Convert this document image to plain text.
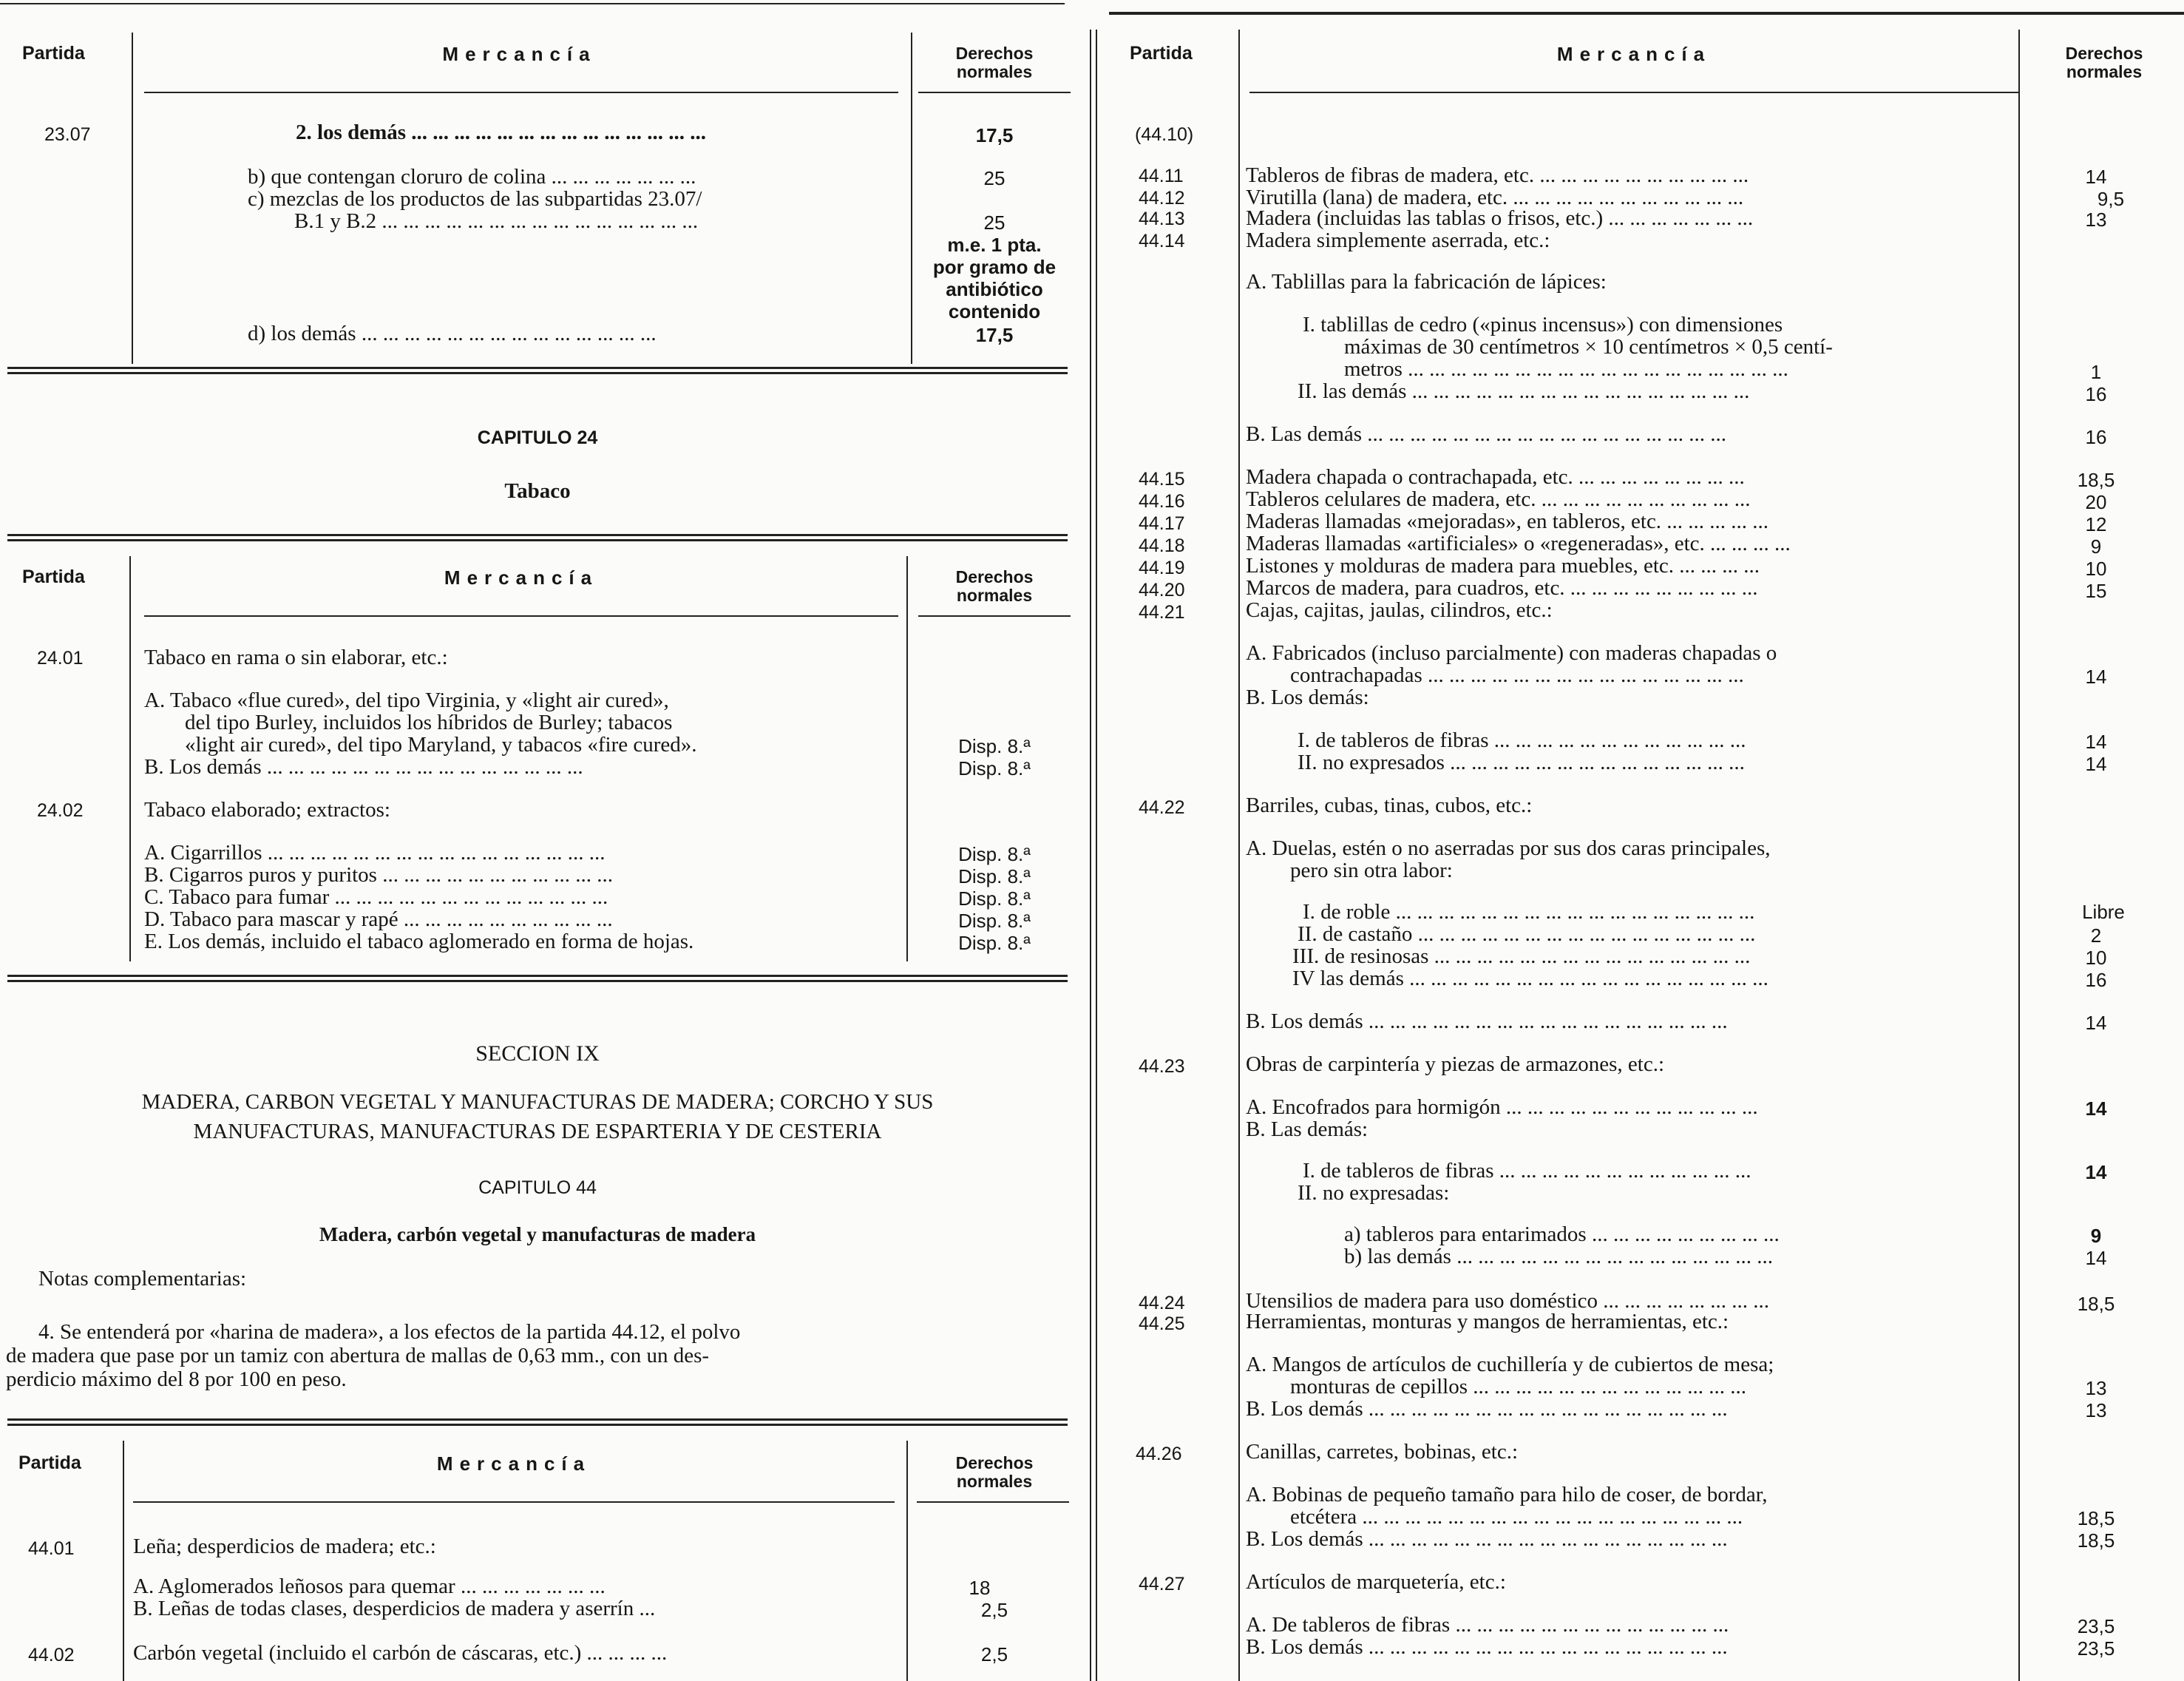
Partida	Mercancía	Derechos
normales
23.07	2. los demás ... ... ... ... ... ... ... ... ... ... ... ... ... ...	17,5
b) que contengan cloruro de colina ... ... ... ... ... ... ...	25
c) mezclas de los productos de las subpartidas 23.07/
B.1 y B.2 ... ... ... ... ... ... ... ... ... ... ... ... ... ... ...	25
m.e. 1 pta.
por gramo de
antibiótico
contenido
d) los demás ... ... ... ... ... ... ... ... ... ... ... ... ... ...	17,5
CAPITULO 24
Tabaco
Partida	Mercancía	Derechos
normales
24.01	Tabaco en rama o sin elaborar, etc.:
A. Tabaco «flue cured», del tipo Virginia, y «light air cured»,
del tipo Burley, incluidos los híbridos de Burley; tabacos
«light air cured», del tipo Maryland, y tabacos «fire cured».	Disp. 8.ª
B. Los demás ... ... ... ... ... ... ... ... ... ... ... ... ... ... ...	Disp. 8.ª
24.02	Tabaco elaborado; extractos:
A. Cigarrillos ... ... ... ... ... ... ... ... ... ... ... ... ... ... ... ...	Disp. 8.ª
B. Cigarros puros y puritos ... ... ... ... ... ... ... ... ... ... ...	Disp. 8.ª
C. Tabaco para fumar ... ... ... ... ... ... ... ... ... ... ... ... ...	Disp. 8.ª
D. Tabaco para mascar y rapé ... ... ... ... ... ... ... ... ... ...	Disp. 8.ª
E. Los demás, incluido el tabaco aglomerado en forma de hojas.	Disp. 8.ª
SECCION IX
MADERA, CARBON VEGETAL Y MANUFACTURAS DE MADERA; CORCHO Y SUS
MANUFACTURAS, MANUFACTURAS DE ESPARTERIA Y DE CESTERIA
CAPITULO 44
Madera, carbón vegetal y manufacturas de madera
Notas complementarias:
4. Se entenderá por «harina de madera», a los efectos de la partida 44.12, el polvo
de madera que pase por un tamiz con abertura de mallas de 0,63 mm., con un des-
perdicio máximo del 8 por 100 en peso.
Partida	Mercancía	Derechos
normales
44.01	Leña; desperdicios de madera; etc.:
A. Aglomerados leñosos para quemar ... ... ... ... ... ... ...	18
B. Leñas de todas clases, desperdicios de madera y aserrín ...	2,5
44.02	Carbón vegetal (incluido el carbón de cáscaras, etc.) ... ... ... ...	2,5
Partida	Mercancía	Derechos
normales
(44.10)
44.11	Tableros de fibras de madera, etc. ... ... ... ... ... ... ... ... ... ...	14
44.12	Virutilla (lana) de madera, etc. ... ... ... ... ... ... ... ... ... ... ...	9,5
44.13	Madera (incluidas las tablas o frisos, etc.) ... ... ... ... ... ... ...	13
44.14	Madera simplemente aserrada, etc.:
A. Tablillas para la fabricación de lápices:
I. tablillas de cedro («pinus incensus») con dimensiones
máximas de 30 centímetros × 10 centímetros × 0,5 centí-
metros ... ... ... ... ... ... ... ... ... ... ... ... ... ... ... ... ... ...	1
II. las demás ... ... ... ... ... ... ... ... ... ... ... ... ... ... ... ...	16
B. Las demás ... ... ... ... ... ... ... ... ... ... ... ... ... ... ... ... ...	16
44.15	Madera chapada o contrachapada, etc. ... ... ... ... ... ... ... ...	18,5
44.16	Tableros celulares de madera, etc. ... ... ... ... ... ... ... ... ... ...	20
44.17	Maderas llamadas «mejoradas», en tableros, etc. ... ... ... ... ...	12
44.18	Maderas llamadas «artificiales» o «regeneradas», etc. ... ... ... ...	9
44.19	Listones y molduras de madera para muebles, etc. ... ... ... ...	10
44.20	Marcos de madera, para cuadros, etc. ... ... ... ... ... ... ... ... ...	15
44.21	Cajas, cajitas, jaulas, cilindros, etc.:
A. Fabricados (incluso parcialmente) con maderas chapadas o
contrachapadas ... ... ... ... ... ... ... ... ... ... ... ... ... ... ...	14
B. Los demás:
I. de tableros de fibras ... ... ... ... ... ... ... ... ... ... ... ...	14
II. no expresados ... ... ... ... ... ... ... ... ... ... ... ... ... ...	14
44.22	Barriles, cubas, tinas, cubos, etc.:
A. Duelas, estén o no aserradas por sus dos caras principales,
pero sin otra labor:
I. de roble ... ... ... ... ... ... ... ... ... ... ... ... ... ... ... ... ...	Libre
II. de castaño ... ... ... ... ... ... ... ... ... ... ... ... ... ... ... ...	2
III. de resinosas ... ... ... ... ... ... ... ... ... ... ... ... ... ... ...	10
IV las demás ... ... ... ... ... ... ... ... ... ... ... ... ... ... ... ... ...	16
B. Los demás ... ... ... ... ... ... ... ... ... ... ... ... ... ... ... ... ...	14
44.23	Obras de carpintería y piezas de armazones, etc.:
A. Encofrados para hormigón ... ... ... ... ... ... ... ... ... ... ... ...	14
B. Las demás:
I. de tableros de fibras ... ... ... ... ... ... ... ... ... ... ... ...	14
II. no expresadas:
a) tableros para entarimados ... ... ... ... ... ... ... ... ...	9
b) las demás ... ... ... ... ... ... ... ... ... ... ... ... ... ... ...	14
44.24	Utensilios de madera para uso doméstico ... ... ... ... ... ... ... ...	18,5
44.25	Herramientas, monturas y mangos de herramientas, etc.:
A. Mangos de artículos de cuchillería y de cubiertos de mesa;
monturas de cepillos ... ... ... ... ... ... ... ... ... ... ... ... ...	13
B. Los demás ... ... ... ... ... ... ... ... ... ... ... ... ... ... ... ... ...	13
44.26	Canillas, carretes, bobinas, etc.:
A. Bobinas de pequeño tamaño para hilo de coser, de bordar,
etcétera ... ... ... ... ... ... ... ... ... ... ... ... ... ... ... ... ... ...	18,5
B. Los demás ... ... ... ... ... ... ... ... ... ... ... ... ... ... ... ... ...	18,5
44.27	Artículos de marquetería, etc.:
A. De tableros de fibras ... ... ... ... ... ... ... ... ... ... ... ... ...	23,5
B. Los demás ... ... ... ... ... ... ... ... ... ... ... ... ... ... ... ... ...	23,5
